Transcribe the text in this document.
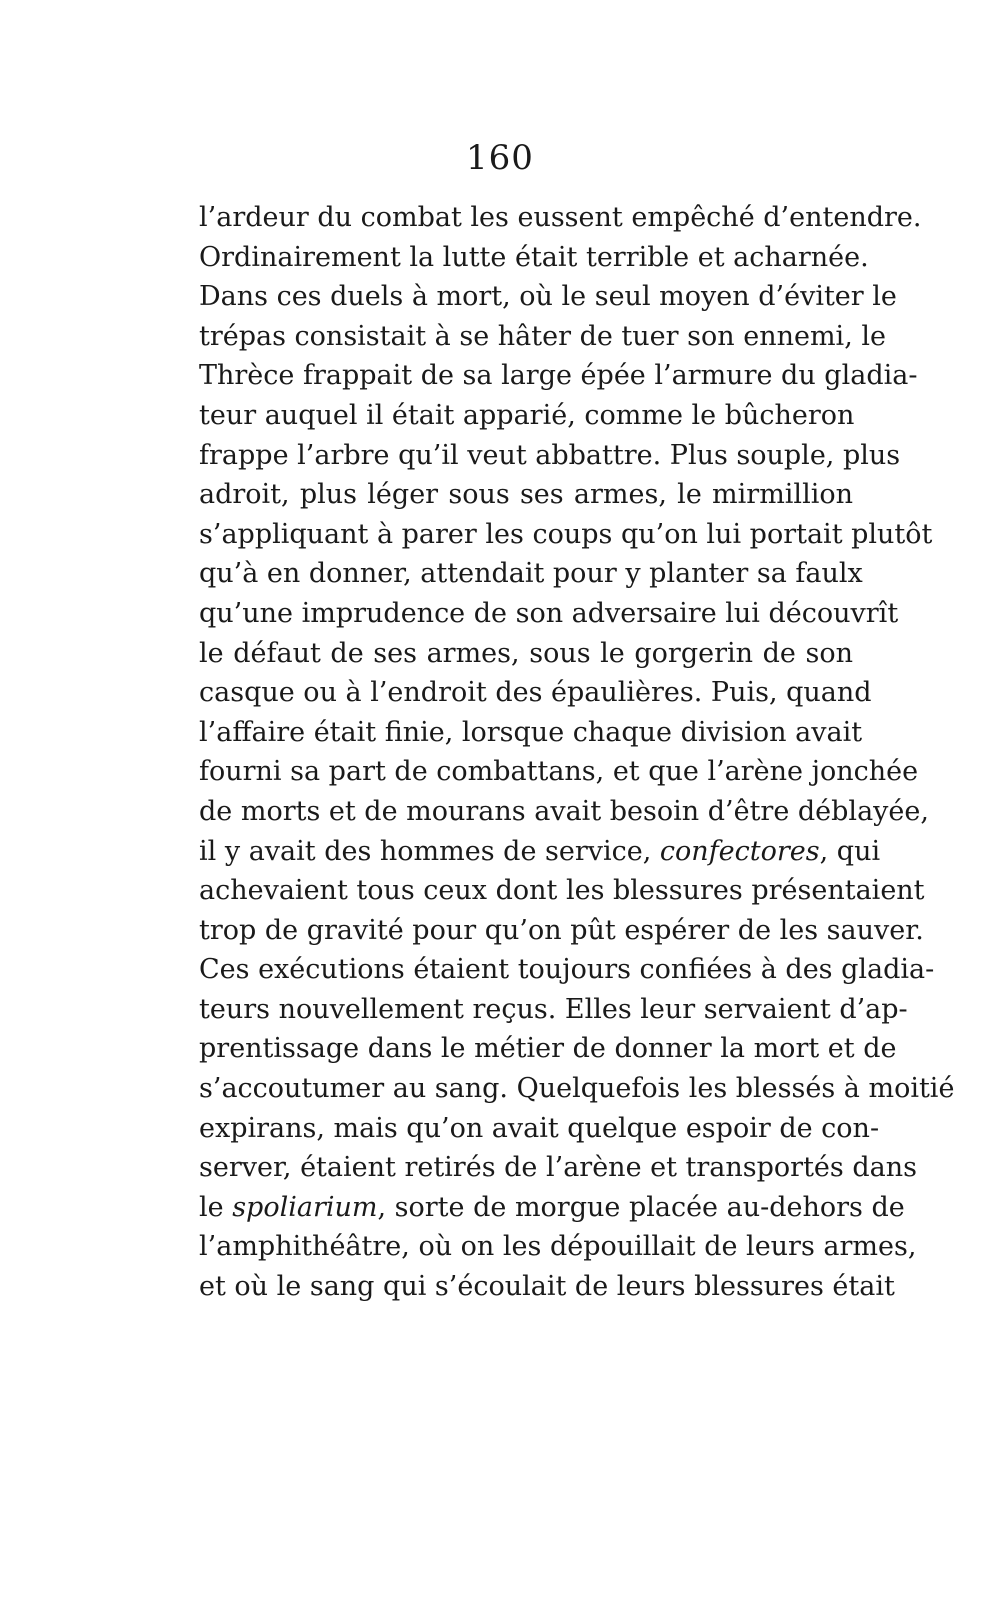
160
l’ardeur du combat les eussent empêché d’entendre.
Ordinairement la lutte était terrible et acharnée.
Dans ces duels à mort, où le seul moyen d’éviter le
trépas consistait à se hâter de tuer son ennemi, le
Thrèce frappait de sa large épée l’armure du gladia-
teur auquel il était apparié, comme le bûcheron
frappe l’arbre qu’il veut abbattre. Plus souple, plus
adroit, plus léger sous ses armes, le mirmillion
s’appliquant à parer les coups qu’on lui portait plutôt
qu’à en donner, attendait pour y planter sa faulx
qu’une imprudence de son adversaire lui découvrît
le défaut de ses armes, sous le gorgerin de son
casque ou à l’endroit des épaulières. Puis, quand
l’affaire était finie, lorsque chaque division avait
fourni sa part de combattans, et que l’arène jonchée
de morts et de mourans avait besoin d’être déblayée,
il y avait des hommes de service, confectores, qui
achevaient tous ceux dont les blessures présentaient
trop de gravité pour qu’on pût espérer de les sauver.
Ces exécutions étaient toujours confiées à des gladia-
teurs nouvellement reçus. Elles leur servaient d’ap-
prentissage dans le métier de donner la mort et de
s’accoutumer au sang. Quelquefois les blessés à moitié
expirans, mais qu’on avait quelque espoir de con-
server, étaient retirés de l’arène et transportés dans
le spoliarium, sorte de morgue placée au-dehors de
l’amphithéâtre, où on les dépouillait de leurs armes,
et où le sang qui s’écoulait de leurs blessures était
